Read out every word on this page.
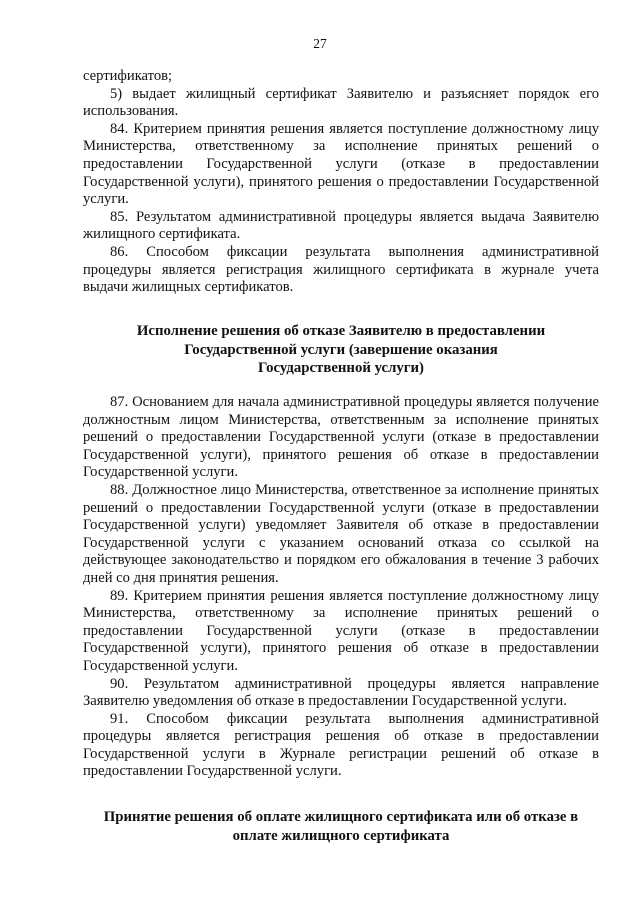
27

сертификатов;

5) выдает жилищный сертификат Заявителю и разъясняет порядок его использования.

84. Критерием принятия решения является поступление должностному лицу Министерства, ответственному за исполнение принятых решений о предоставлении Государственной услуги (отказе в предоставлении Государственной услуги), принятого решения о предоставлении Государственной услуги.

85. Результатом административной процедуры является выдача Заявителю жилищного сертификата.

86. Способом фиксации результата выполнения административной процедуры является регистрация жилищного сертификата в журнале учета выдачи жилищных сертификатов.

Исполнение решения об отказе Заявителю в предоставлении

Государственной услуги (завершение оказания

Государственной услуги)

87. Основанием для начала административной процедуры является получение должностным лицом Министерства, ответственным за исполнение принятых решений о предоставлении Государственной услуги (отказе в предоставлении Государственной услуги), принятого решения об отказе в предоставлении Государственной услуги.

88. Должностное лицо Министерства, ответственное за исполнение принятых решений о предоставлении Государственной услуги (отказе в предоставлении Государственной услуги) уведомляет Заявителя об отказе в предоставлении Государственной услуги с указанием оснований отказа со ссылкой на действующее законодательство и порядком его обжалования в течение 3 рабочих дней со дня принятия решения.

89. Критерием принятия решения является поступление должностному лицу Министерства, ответственному за исполнение принятых решений о предоставлении Государственной услуги (отказе в предоставлении Государственной услуги), принятого решения об отказе в предоставлении Государственной услуги.

90. Результатом административной процедуры является направление Заявителю уведомления об отказе в предоставлении Государственной услуги.

91. Способом фиксации результата выполнения административной процедуры является регистрация решения об отказе в предоставлении Государственной услуги в Журнале регистрации решений об отказе в предоставлении Государственной услуги.

Принятие решения об оплате жилищного сертификата или об отказе в

оплате жилищного сертификата
